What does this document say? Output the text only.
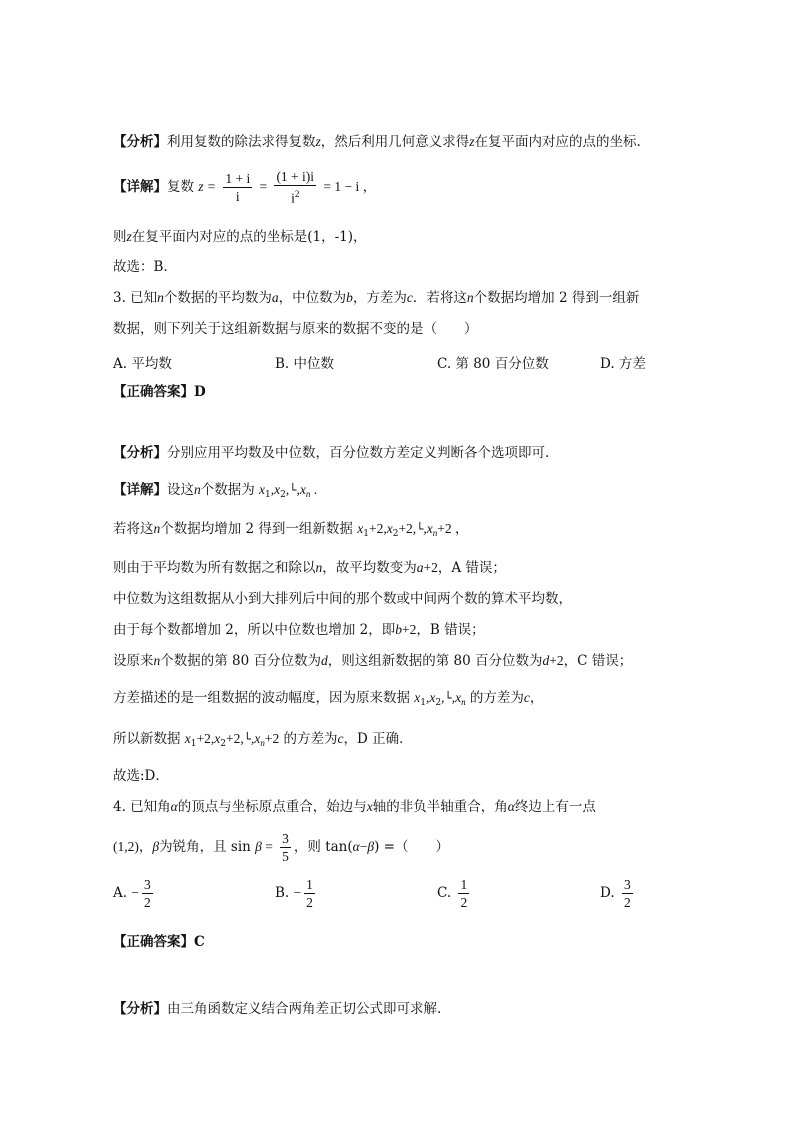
【分析】利用复数的除法求得复数z，然后利用几何意义求得z在复平面内对应的点的坐标.
【详解】复数 $z = \frac{1 + i}{i} = \frac{(1 + i)i}{i^2} = 1 - i$ ，
则z在复平面内对应的点的坐标是(1，-1)，
故选：B.
3. 已知n个数据的平均数为a，中位数为b，方差为c．若将这n个数据均增加 2 得到一组新
数据，则下列关于这组新数据与原来的数据不变的是（　　）
A. 平均数	B. 中位数	C. 第 80 百分位数	D. 方差
【正确答案】D
【分析】分别应用平均数及中位数，百分位数方差定义判断各个选项即可.
【详解】设这n个数据为 $x_1,x_2,└,x_n$ .
若将这n个数据均增加 2 得到一组新数据 $x_1+2,x_2+2,└,x_n+2$ ，
则由于平均数为所有数据之和除以n，故平均数变为a+2，A 错误；
中位数为这组数据从小到大排列后中间的那个数或中间两个数的算术平均数，
由于每个数都增加 2，所以中位数也增加 2，即b+2，B 错误；
设原来n个数据的第 80 百分位数为d，则这组新数据的第 80 百分位数为d+2，C 错误；
方差描述的是一组数据的波动幅度，因为原来数据 $x_1,x_2,└,x_n$ 的方差为c，
所以新数据 $x_1+2,x_2+2,└,x_n+2$ 的方差为c，D 正确．
故选:D．
4. 已知角α的顶点与坐标原点重合，始边与x轴的非负半轴重合，角α终边上有一点
(1,2)，β为锐角，且 $\sin \beta = \frac{3}{5}$ ，则 tan(α−β) =（　　）
A. − $\frac{3}{2}$	B. − $\frac{1}{2}$	C. $\frac{1}{2}$	D. $\frac{3}{2}$
【正确答案】C
【分析】由三角函数定义结合两角差正切公式即可求解.
